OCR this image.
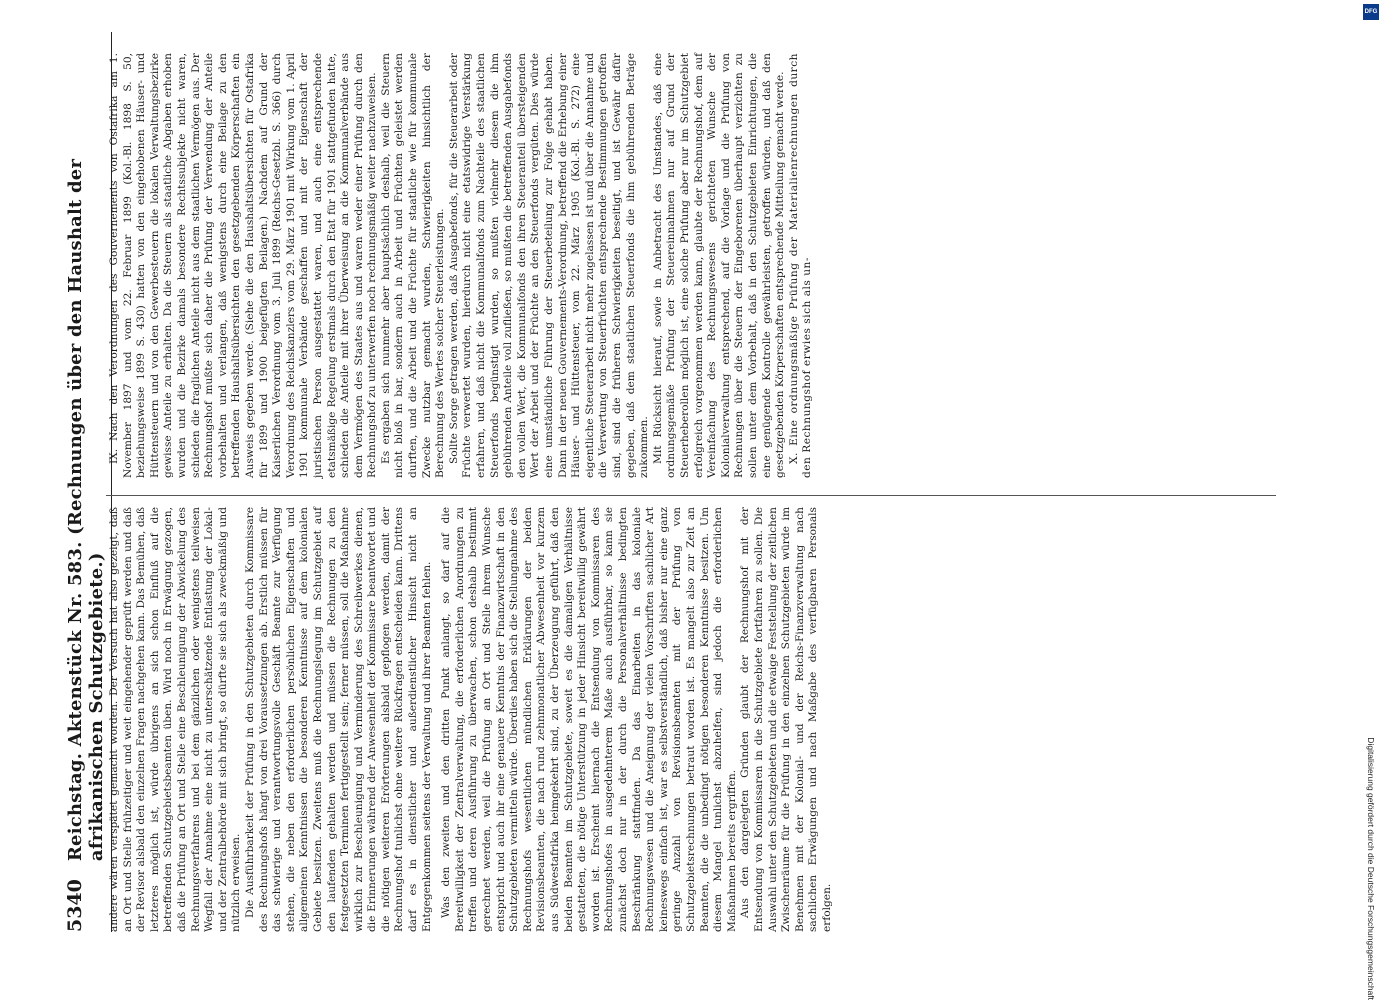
5340
Reichstag. Aktenstück Nr. 583. (Rechnungen über den Haushalt der afrikanischen Schutzgebiete.) andere wären verspätet gemacht worden. Der Versuch hat also gezeigt, daß an Ort und Stelle frühzeitiger und weit eingehender geprüft werden und daß der Revisor alsbald den einzelnen Fragen nachgehen kann. Das Bemühen, daß letzteres möglich ist, würde übrigens an sich schon Einfluß auf die betreffenden Schutzgebietsbeamten üben. Wird noch in Erwägung gezogen, daß die Prüfung an Ort und Stelle eine Beschleunigung der Abwickelung des Rechnungsverfahrens und bei dem gänzlichen oder wenigstens teilweisen Wegfall der Annahme eine nicht zu unterschätzende Entlastung der Lokal- und der Zentralbehörde mit sich bringt, so dürfte sie sich als zweckmäßig und nützlich erweisen. Die Ausführbarkeit der Prüfung in den Schutzgebieten durch Kommissare des Rechnungshofs hängt von drei Voraussetzungen ab. Erstlich müssen für das schwierige und verantwortungsvolle Geschäft Beamte zur Verfügung stehen, die neben den erforderlichen persönlichen Eigenschaften und allgemeinen Kenntnissen die besonderen Kenntnisse auf dem kolonialen Gebiete besitzen. Zweitens muß die Rechnungslegung im Schutzgebiet auf den laufenden gehalten werden und müssen die Rechnungen zu den festgesetzten Terminen fertiggestellt sein; ferner müssen, soll die Maßnahme wirklich zur Beschleunigung und Verminderung des Schreibwerkes dienen, die Erinnerungen während der Anwesenheit der Kommissare beantwortet und die nötigen weiteren Erörterungen alsbald gepflogen werden, damit der Rechnungshof tunlichst ohne weitere Rückfragen entscheiden kann. Drittens darf es in dienstlicher und außerdienstlicher Hinsicht nicht an Entgegenkommen seitens der Verwaltung und ihrer Beamten fehlen. Was den zweiten und den dritten Punkt anlangt, so darf auf die Bereitwilligkeit der Zentralverwaltung, die erforderlichen Anordnungen zu treffen und deren Ausführung zu überwachen, schon deshalb bestimmt gerechnet werden, weil die Prüfung an Ort und Stelle ihrem Wunsche entspricht und auch ihr eine genauere Kenntnis der Finanzwirtschaft in den Schutzgebieten vermitteln würde. Überdies haben sich die Stellungnahme des Rechnungshofs wesentlichen mündlichen Erklärungen der beiden Revisionsbeamten, die nach rund zehnmonatlicher Abwesenheit vor kurzem aus Südwestafrika heimgekehrt sind, zu der Überzeugung geführt, daß den beiden Beamten im Schutzgebiete, soweit es die damaligen Verhältnisse gestatteten, die nötige Unterstützung in jeder Hinsicht bereitwillig gewährt worden ist. Erscheint hiernach die Entsendung von Kommissaren des Rechnungshofes in ausgedehnterem Maße auch ausführbar, so kann sie zunächst doch nur in der durch die Personalverhältnisse bedingten Beschränkung stattfinden. Da das Einarbeiten in das koloniale Rechnungswesen und die Aneignung der vielen Vorschriften sachlicher Art keineswegs einfach ist, war es selbstverständlich, daß bisher nur eine ganz geringe Anzahl von Revisionsbeamten mit der Prüfung von Schutzgebietsrechnungen betraut worden ist. Es mangelt also zur Zeit an Beamten, die die unbedingt nötigen besonderen Kenntnisse besitzen. Um diesem Mangel tunlichst abzuhelfen, sind jedoch die erforderlichen Maßnahmen bereits ergriffen. Aus den dargelegten Gründen glaubt der Rechnungshof mit der Entsendung von Kommissaren in die Schutzgebiete fortfahren zu sollen. Die Auswahl unter den Schutzgebieten und die etwaige Feststellung der zeitlichen Zwischenräume für die Prüfung in den einzelnen Schutzgebieten würde im Benehmen mit der Kolonial- und der Reichs-Finanzverwaltung nach sachlichen Erwägungen und nach Maßgabe des verfügbaren Personals erfolgen.

IX. Nach den Verordnungen des Gouvernements von Ostafrika am 1. November 1897 und vom 22. Februar 1899 (Kol.-Bl. 1898 S. 50, beziehungsweise 1899 S. 430) hatten von den eingehobenen Häuser- und Hüttensteuern und von den Gewerbesteuern die lokalen Verwaltungsbezirke gewisse Anteile zu erhalten. Da die Steuern als staatliche Abgaben erhoben wurden und die Bezirke damals besondere Rechtssubjekte nicht waren, schieden die fraglichen Anteile nicht aus dem staatlichen Vermögen aus. Der Rechnungshof mußte sich daher die Prüfung der Verwendung der Anteile vorbehalten und verlangen, daß wenigstens durch eine Beilage zu den betreffenden Haushaltsübersichten den gesetzgebenden Körperschaften ein Ausweis gegeben werde. (Siehe die den Haushaltsübersichten für Ostafrika für 1899 und 1900 beigefügten Beilagen.) Nachdem auf Grund der Kaiserlichen Verordnung vom 3. Juli 1899 (Reichs-Gesetzbl. S. 366) durch Verordnung des Reichskanzlers vom 29. März 1901 mit Wirkung vom 1. April 1901 kommunale Verbände geschaffen und mit der Eigenschaft der juristischen Person ausgestattet waren, und auch eine entsprechende etatsmäßige Regelung erstmals durch den Etat für 1901 stattgefunden hatte, schieden die Anteile mit ihrer Überweisung an die Kommunalverbände aus dem Vermögen des Staates aus und waren weder einer Prüfung durch den Rechnungshof zu unterwerfen noch rechnungsmäßig weiter nachzuweisen. Es ergaben sich nunmehr aber hauptsächlich deshalb, weil die Steuern nicht bloß in bar, sondern auch in Arbeit und Früchten geleistet werden durften, und die Arbeit und die Früchte für staatliche wie für kommunale Zwecke nutzbar gemacht wurden, Schwierigkeiten hinsichtlich der Berechnung des Wertes solcher Steuerleistungen. Sollte Sorge getragen werden, daß Ausgabefonds, für die Steuerarbeit oder Früchte verwertet wurden, hierdurch nicht eine etatswidrige Verstärkung erfahren, und daß nicht die Kommunalfonds zum Nachteile des staatlichen Steuerfonds begünstigt wurden, so mußten vielmehr diesem die ihm gebührenden Anteile voll zufließen, so mußten die betreffenden Ausgabefonds den vollen Wert, die Kommunalfonds den ihren Steueranteil übersteigenden Wert der Arbeit und der Früchte an den Steuerfonds vergüten. Dies würde eine umständliche Führung der Steuerbeteilung zur Folge gehabt haben. Dann in der neuen Gouvernements-Verordnung, betreffend die Erhebung einer Häuser- und Hüttensteuer, vom 22. März 1905 (Kol.-Bl. S. 272) eine eigentliche Steuerarbeit nicht mehr zugelassen ist und über die Annahme und die Verwertung von Steuerfrüchten entsprechende Bestimmungen getroffen sind, sind die früheren Schwierigkeiten beseitigt, und ist Gewähr dafür gegeben, daß dem staatlichen Steuerfonds die ihm gebührenden Beträge zukommen. Mit Rücksicht hierauf, sowie in Anbetracht des Umstandes, daß eine ordnungsgemäße Prüfung der Steuereinnahmen nur auf Grund der Steuerheberollen möglich ist, eine solche Prüfung aber nur im Schutzgebiet erfolgreich vorgenommen werden kann, glaubte der Rechnungshof, dem auf Vereinfachung des Rechnungswesens gerichteten Wunsche der Kolonialverwaltung entsprechend, auf die Vorlage und die Prüfung von Rechnungen über die Steuern der Eingeborenen überhaupt verzichten zu sollen unter dem Vorbehalt, daß in den Schutzgebieten Einrichtungen, die eine genügende Kontrolle gewährleisten, getroffen würden, und daß den gesetzgebenden Körperschaften entsprechende Mitteilung gemacht werde. X. Eine ordnungsmäßige Prüfung der Materialienrechnungen durch den Rechnungshof erwies sich als un-

Digitalisierung gefördert durch die Deutsche Forschungsgemeinschaft
DFG
